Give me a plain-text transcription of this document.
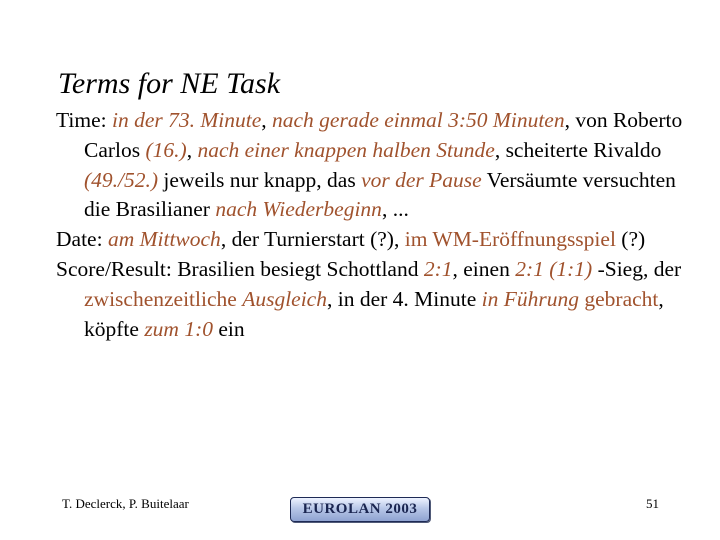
Terms for NE Task

Time: in der 73. Minute, nach gerade einmal 3:50 Minuten, von Roberto Carlos (16.), nach einer knappen halben Stunde, scheiterte Rivaldo (49./52.) jeweils nur knapp, das vor der Pause Versäumte versuchten die Brasilianer nach Wiederbeginn, ...

Date: am Mittwoch, der Turnierstart (?), im WM-Eröffnungsspiel (?)

Score/Result: Brasilien besiegt Schottland 2:1, einen 2:1 (1:1) -Sieg, der zwischenzeitliche Ausgleich, in der 4. Minute in Führung gebracht, köpfte zum 1:0 ein

T. Declerck, P. Buitelaar	EUROLAN 2003	51
